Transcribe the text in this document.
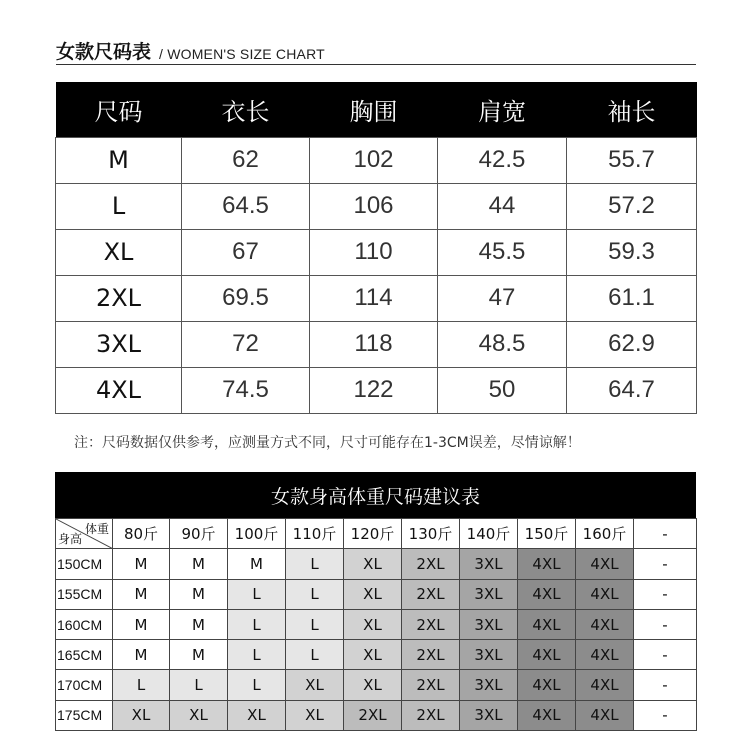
女款尺码表 / WOMEN'S SIZE CHART
尺码	衣长	胸围	肩宽	袖长
M	62	102	42.5	55.7
L	64.5	106	44	57.2
XL	67	110	45.5	59.3
2XL	69.5	114	47	61.1
3XL	72	118	48.5	62.9
4XL	74.5	122	50	64.7
注：尺码数据仅供参考，应测量方式不同，尺寸可能存在1-3CM误差，尽情谅解！
女款身高体重尺码建议表
体重
身高	80斤	90斤	100斤	110斤	120斤	130斤	140斤	150斤	160斤	-
150CM	M	M	M	L	XL	2XL	3XL	4XL	4XL	-
155CM	M	M	L	L	XL	2XL	3XL	4XL	4XL	-
160CM	M	M	L	L	XL	2XL	3XL	4XL	4XL	-
165CM	M	M	L	L	XL	2XL	3XL	4XL	4XL	-
170CM	L	L	L	XL	XL	2XL	3XL	4XL	4XL	-
175CM	XL	XL	XL	XL	2XL	2XL	3XL	4XL	4XL	-
